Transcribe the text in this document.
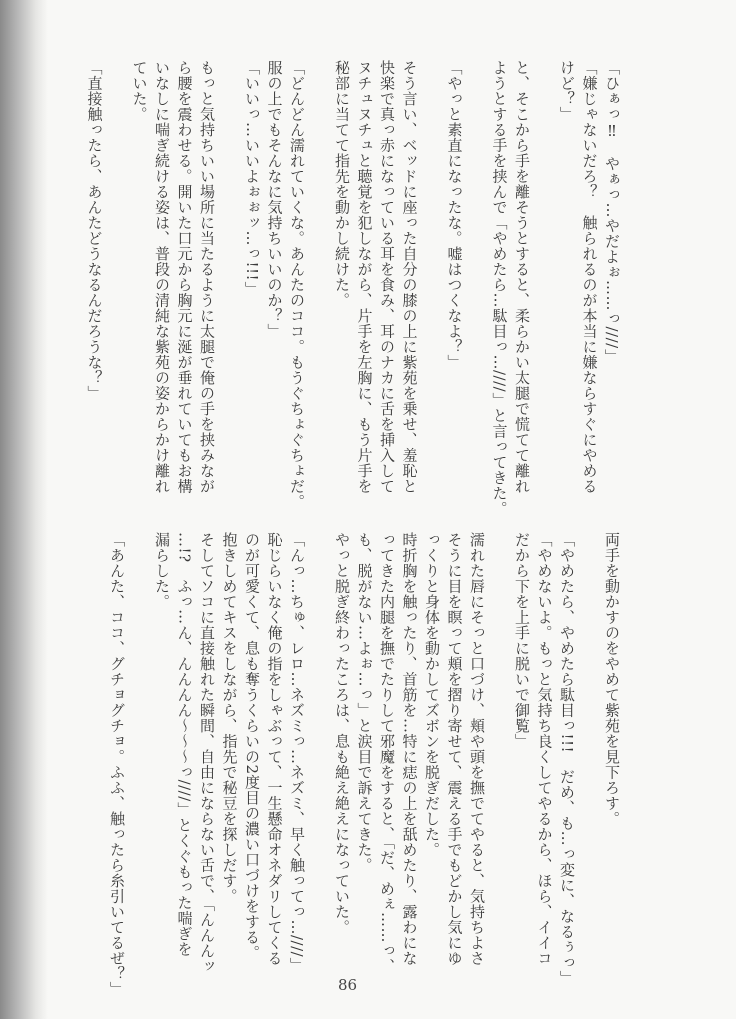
「ひぁっ‼　やぁっ…やだよぉ……っ////」
「嫌じゃないだろ？　触られるのが本当に嫌ならすぐにやめる
けど？」

と、そこから手を離そうとすると、柔らかい太腿で慌てて離れ
ようとする手を挟んで「やめたら…駄目っ…////」と言ってきた。

「やっと素直になったな。嘘はつくなよ？」

そう言い、ベッドに座った自分の膝の上に紫苑を乗せ、羞恥と
快楽で真っ赤になっている耳を食み、耳のナカに舌を挿入して
ヌチュヌチュと聴覚を犯しながら、片手を左胸に、もう片手を
秘部に当てて指先を動かし続けた。

「どんどん濡れていくな。あんたのココ。もうぐちょぐちょだ。
服の上でもそんなに気持ちいいのか？」
「いいっ…いいよぉぉッ…っ!!!」

もっと気持ちいい場所に当たるように太腿で俺の手を挟みなが
ら腰を震わせる。開いた口元から胸元に涎が垂れていてもお構
いなしに喘ぎ続ける姿は、普段の清純な紫苑の姿からかけ離れ
ていた。

「直接触ったら、あんたどうなるんだろうな？」
両手を動かすのをやめて紫苑を見下ろす。

「やめたら、やめたら駄目っ!!!　だめ、も…っ変に、なるぅっ」
「やめないよ。もっと気持ち良くしてやるから、ほら、イイコ
だから下を上手に脱いで御覧」

濡れた唇にそっと口づけ、頬や頭を撫でてやると、気持ちよさ
そうに目を瞑って頬を摺り寄せて、震える手でもどかし気にゆ
っくりと身体を動かしてズボンを脱ぎだした。
時折胸を触ったり、首筋を…特に痣の上を舐めたり、露わにな
ってきた内腿を撫でたりして邪魔をすると、「だ、めぇ……っ、
も、脱がない…よぉ…っ」と涙目で訴えてきた。
やっと脱ぎ終わったころは、息も絶え絶えになっていた。

「んっ…ちゅ、レロ…ネズミっ…ネズミ、早く触ってっ…////」
恥じらいなく俺の指をしゃぶって、一生懸命オネダリしてくる
のが可愛くて、息も奪うくらいの2度目の濃い口づけをする。
抱きしめてキスをしながら、指先で秘豆を探しだす。
そしてソコに直接触れた瞬間、自由にならない舌で、「んんんッ
…!?　ふっ…ん、んんんん〜〜〜っ////」とくぐもった喘ぎを
漏らした。

「あんた、ココ、グチョグチョ。ふふ、触ったら糸引いてるぜ？」	86
